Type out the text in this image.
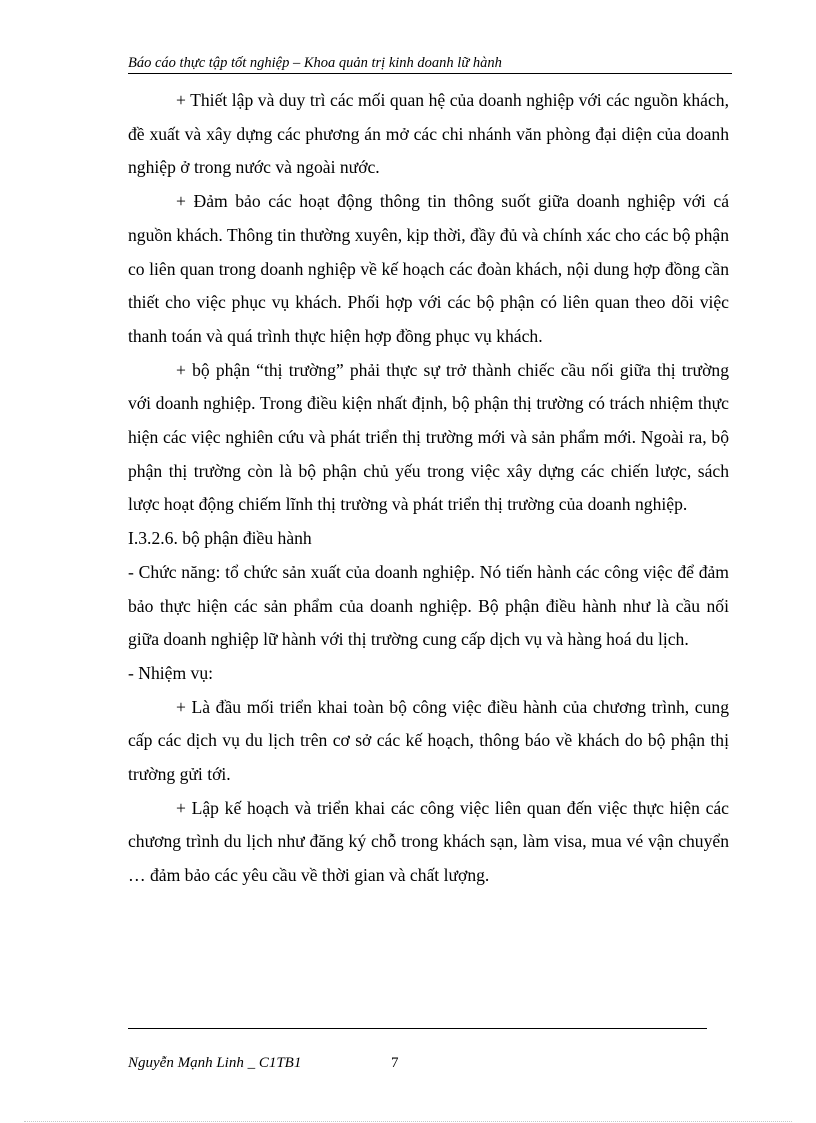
Báo cáo thực tập tốt nghiệp – Khoa quản trị kinh doanh lữ hành

+ Thiết lập và duy trì các mối quan hệ của doanh nghiệp với các nguồn khách, đề xuất và xây dựng các phương án mở các chi nhánh văn phòng đại diện của doanh nghiệp ở trong nước và ngoài nước.

+ Đảm bảo các hoạt động thông tin thông suốt giữa doanh nghiệp với cá nguồn khách. Thông tin thường xuyên, kịp thời, đầy đủ và chính xác cho các bộ phận co liên quan trong doanh nghiệp về kế hoạch các đoàn khách, nội dung hợp đồng cần thiết cho việc phục vụ khách. Phối hợp với các bộ phận có liên quan theo dõi việc thanh toán và quá trình thực hiện hợp đồng phục vụ khách.

+ bộ phận “thị trường” phải thực sự trở thành chiếc cầu nối giữa thị trường với doanh nghiệp. Trong điều kiện nhất định, bộ phận thị trường có trách nhiệm thực hiện các việc nghiên cứu và phát triển thị trường mới và sản phẩm mới. Ngoài ra, bộ phận thị trường còn là bộ phận chủ yếu trong việc xây dựng các chiến lược, sách lược hoạt động chiếm lĩnh thị trường và phát triển thị trường của doanh nghiệp.

I.3.2.6. bộ phận điều hành

- Chức năng: tổ chức sản xuất của doanh nghiệp. Nó tiến hành các công việc để đảm bảo thực hiện các sản phẩm của doanh nghiệp. Bộ phận điều hành như là cầu nối giữa doanh nghiệp lữ hành với thị trường cung cấp dịch vụ và hàng hoá du lịch.

- Nhiệm vụ:

+ Là đầu mối triển khai toàn bộ công việc điều hành của chương trình, cung cấp các dịch vụ du lịch trên cơ sở các kế hoạch, thông báo về khách do bộ phận thị trường gửi tới.

+ Lập kế hoạch và triển khai các công việc liên quan đến việc thực hiện các chương trình du lịch như đăng ký chỗ trong khách sạn, làm visa, mua vé vận chuyển … đảm bảo các yêu cầu về thời gian và chất lượng.

Nguyễn Mạnh Linh _ C1TB1	7
